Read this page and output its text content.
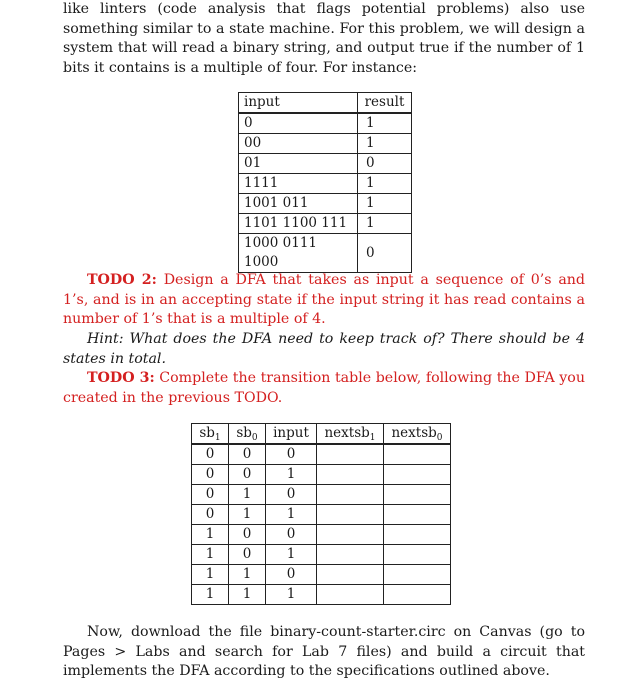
like linters (code analysis that flags potential problems) also use something similar to a state machine. For this problem, we will design a system that will read a binary string, and output true if the number of 1 bits it contains is a multiple of four. For instance:

input	result
0	1
00	1
01	0
1111	1
1001 011	1
1101 1100 111	1
1000 0111 1000	0

TODO 2: Design a DFA that takes as input a sequence of 0’s and 1’s, and is in an accepting state if the input string it has read contains a number of 1’s that is a multiple of 4.

Hint: What does the DFA need to keep track of? There should be 4 states in total.

TODO 3: Complete the transition table below, following the DFA you created in the previous TODO.

$sb_1$	$sb_0$	input	nextsb$_1$	nextsb$_0$
0	0	0		
0	0	1		
0	1	0		
0	1	1		
1	0	0		
1	0	1		
1	1	0		
1	1	1		

Now, download the file binary-count-starter.circ on Canvas (go to Pages > Labs and search for Lab 7 files) and build a circuit that implements the DFA according to the specifications outlined above.
